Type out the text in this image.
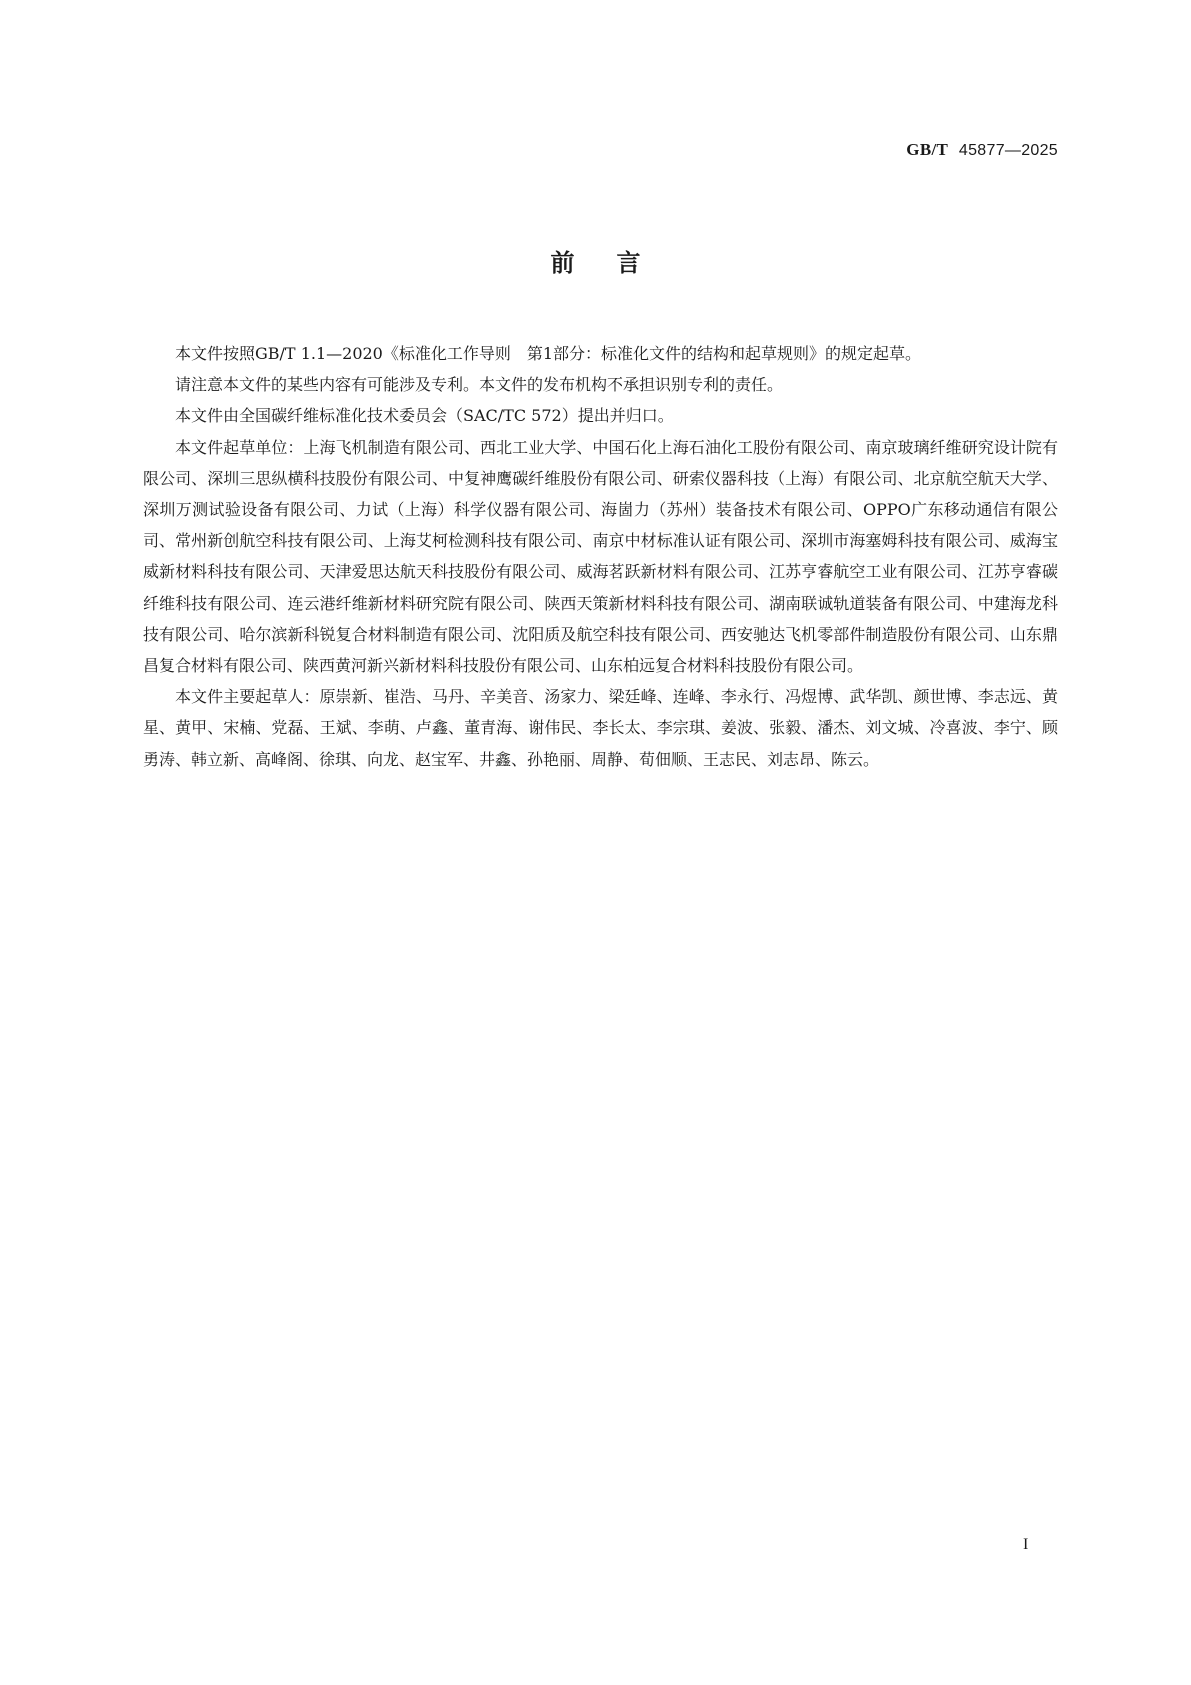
GB/T 45877—2025
前言

本文件按照GB/T 1.1—2020《标准化工作导则　第1部分：标准化文件的结构和起草规则》的规定起草。

请注意本文件的某些内容有可能涉及专利。本文件的发布机构不承担识别专利的责任。

本文件由全国碳纤维标准化技术委员会（SAC/TC 572）提出并归口。

本文件起草单位：上海飞机制造有限公司、西北工业大学、中国石化上海石油化工股份有限公司、南京玻璃纤维研究设计院有限公司、深圳三思纵横科技股份有限公司、中复神鹰碳纤维股份有限公司、研索仪器科技（上海）有限公司、北京航空航天大学、深圳万测试验设备有限公司、力试（上海）科学仪器有限公司、海崮力（苏州）装备技术有限公司、OPPO广东移动通信有限公司、常州新创航空科技有限公司、上海艾柯检测科技有限公司、南京中材标准认证有限公司、深圳市海塞姆科技有限公司、威海宝威新材料科技有限公司、天津爱思达航天科技股份有限公司、威海茗跃新材料有限公司、江苏亨睿航空工业有限公司、江苏亨睿碳纤维科技有限公司、连云港纤维新材料研究院有限公司、陕西天策新材料科技有限公司、湖南联诚轨道装备有限公司、中建海龙科技有限公司、哈尔滨新科锐复合材料制造有限公司、沈阳质及航空科技有限公司、西安驰达飞机零部件制造股份有限公司、山东鼎昌复合材料有限公司、陕西黄河新兴新材料科技股份有限公司、山东柏远复合材料科技股份有限公司。

本文件主要起草人：原崇新、崔浩、马丹、辛美音、汤家力、梁廷峰、连峰、李永行、冯煜博、武华凯、颜世博、李志远、黄星、黄甲、宋楠、党磊、王斌、李萌、卢鑫、董青海、谢伟民、李长太、李宗琪、姜波、张毅、潘杰、刘文城、冷喜波、李宁、顾勇涛、韩立新、高峰阁、徐琪、向龙、赵宝军、井鑫、孙艳丽、周静、荀佃顺、王志民、刘志昂、陈云。

I
